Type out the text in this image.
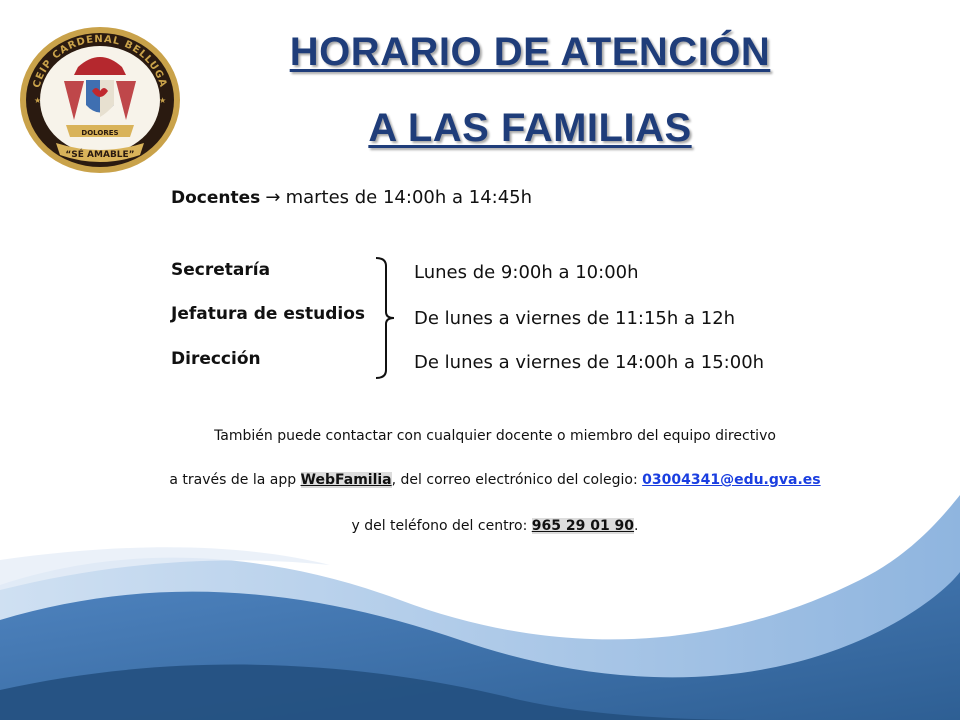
CEIP CARDENAL BELLUGA
★	★
DOLORES
“SÉ AMABLE”
HORARIO DE ATENCIÓN
A LAS FAMILIAS
Docentes → martes de 14:00h a 14:45h
Secretaría
Jefatura de estudios
Dirección
Lunes de 9:00h a 10:00h
De lunes a viernes de 11:15h a 12h
De lunes a viernes de 14:00h a 15:00h
También puede contactar con cualquier docente o miembro del equipo directivo
a través de la app WebFamilia, del correo electrónico del colegio: 03004341@edu.gva.es
y del teléfono del centro: 965 29 01 90.
